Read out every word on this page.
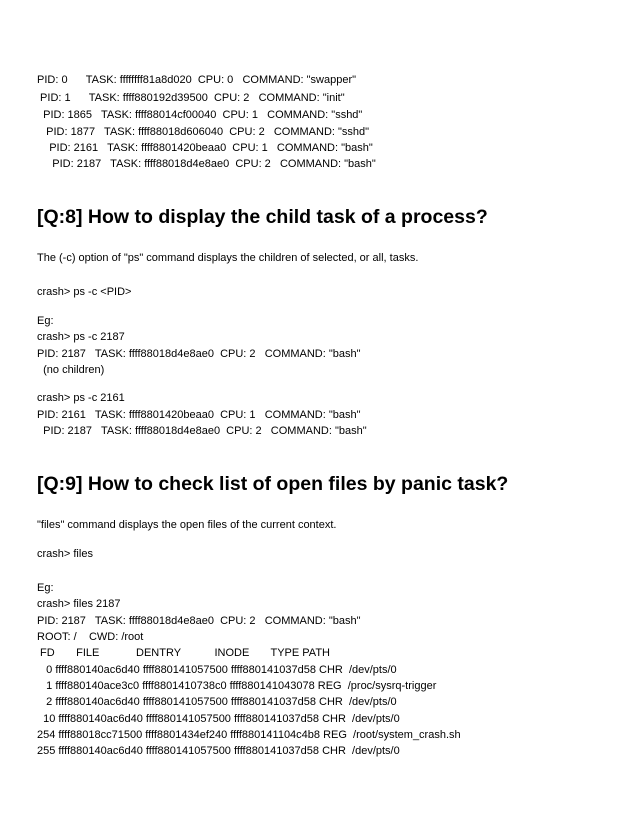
PID: 0      TASK: ffffffff81a8d020  CPU: 0   COMMAND: "swapper"

PID: 1      TASK: ffff880192d39500  CPU: 2   COMMAND: "init"

PID: 1865   TASK: ffff88014cf00040  CPU: 1   COMMAND: "sshd"

PID: 1877   TASK: ffff88018d606040  CPU: 2   COMMAND: "sshd"

PID: 2161   TASK: ffff8801420beaa0  CPU: 1   COMMAND: "bash"

PID: 2187   TASK: ffff88018d4e8ae0  CPU: 2   COMMAND: "bash"

[Q:8] How to display the child task of a process?

The (-c) option of "ps" command displays the children of selected, or all, tasks.

crash> ps -c <PID>

Eg:

crash> ps -c 2187

PID: 2187   TASK: ffff88018d4e8ae0  CPU: 2   COMMAND: "bash"

(no children)

crash> ps -c 2161

PID: 2161   TASK: ffff8801420beaa0  CPU: 1   COMMAND: "bash"

PID: 2187   TASK: ffff88018d4e8ae0  CPU: 2   COMMAND: "bash"

[Q:9] How to check list of open files by panic task?

"files" command displays the open files of the current context.

crash> files

Eg:

crash> files 2187

PID: 2187   TASK: ffff88018d4e8ae0  CPU: 2   COMMAND: "bash"

ROOT: /    CWD: /root

FD       FILE            DENTRY           INODE       TYPE PATH

0 ffff880140ac6d40 ffff880141057500 ffff880141037d58 CHR  /dev/pts/0

1 ffff880140ace3c0 ffff8801410738c0 ffff880141043078 REG  /proc/sysrq-trigger

2 ffff880140ac6d40 ffff880141057500 ffff880141037d58 CHR  /dev/pts/0

10 ffff880140ac6d40 ffff880141057500 ffff880141037d58 CHR  /dev/pts/0

254 ffff88018cc71500 ffff8801434ef240 ffff880141104c4b8 REG  /root/system_crash.sh

255 ffff880140ac6d40 ffff880141057500 ffff880141037d58 CHR  /dev/pts/0
